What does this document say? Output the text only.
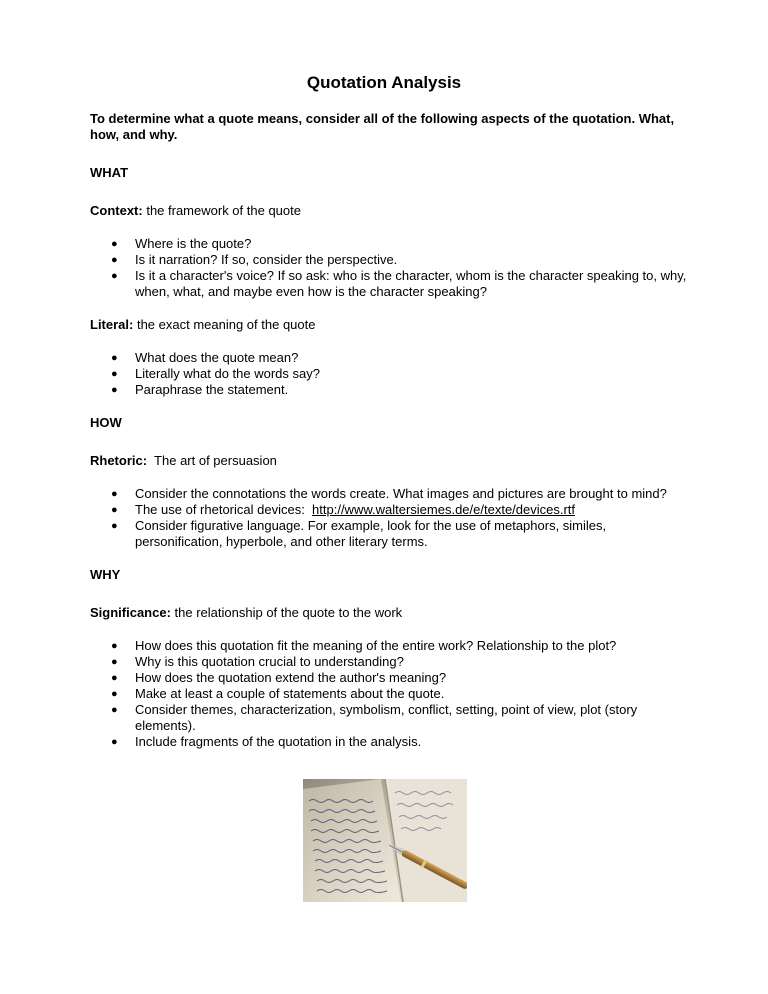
Quotation Analysis

To determine what a quote means, consider all of the following aspects of the quotation. What, how, and why.

WHAT

Context: the framework of the quote

● Where is the quote?
● Is it narration? If so, consider the perspective.
● Is it a character's voice? If so ask: who is the character, whom is the character speaking to, why, when, what, and maybe even how is the character speaking?

Literal: the exact meaning of the quote

● What does the quote mean?
● Literally what do the words say?
● Paraphrase the statement.

HOW

Rhetoric:  The art of persuasion

● Consider the connotations the words create. What images and pictures are brought to mind?
● The use of rhetorical devices:  http://www.waltersiemes.de/e/texte/devices.rtf
● Consider figurative language. For example, look for the use of metaphors, similes, personification, hyperbole, and other literary terms.

WHY

Significance: the relationship of the quote to the work

● How does this quotation fit the meaning of the entire work? Relationship to the plot?
● Why is this quotation crucial to understanding?
● How does the quotation extend the author's meaning?
● Make at least a couple of statements about the quote.
● Consider themes, characterization, symbolism, conflict, setting, point of view, plot (story elements).
● Include fragments of the quotation in the analysis.
